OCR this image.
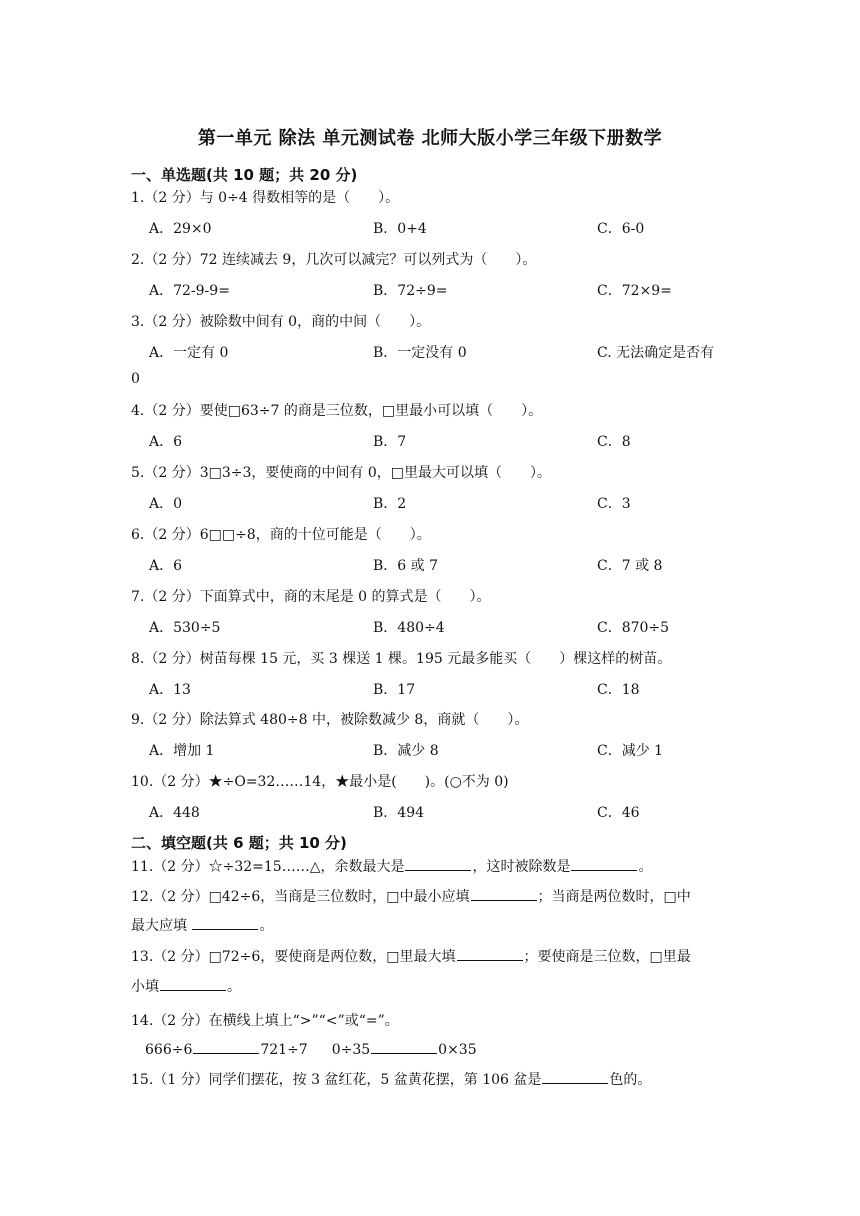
第一单元 除法 单元测试卷 北师大版小学三年级下册数学
一、单选题(共 10 题；共 20 分)
1.（2 分）与 0÷4 得数相等的是（　　）。
A．29×0	B．0+4	C．6-0
2.（2 分）72 连续减去 9，几次可以减完？可以列式为（　　）。
A．72-9-9=	B．72÷9=	C．72×9=
3.（2 分）被除数中间有 0，商的中间（　　）。
A．一定有 0	B．一定没有 0	C. 无法确定是否有
0
4.（2 分）要使□63÷7 的商是三位数，□里最小可以填（　　）。
A．6	B．7	C．8
5.（2 分）3□3÷3，要使商的中间有 0，□里最大可以填（　　）。
A．0	B．2	C．3
6.（2 分）6□□÷8，商的十位可能是（　　）。
A．6	B．6 或 7	C．7 或 8
7.（2 分）下面算式中，商的末尾是 0 的算式是（　　）。
A．530÷5	B．480÷4	C．870÷5
8.（2 分）树苗每棵 15 元，买 3 棵送 1 棵。195 元最多能买（　　）棵这样的树苗。
A．13	B．17	C．18
9.（2 分）除法算式 480÷8 中，被除数减少 8，商就（　　）。
A．增加 1	B．减少 8	C．减少 1
10.（2 分）★÷O=32……14，★最小是(　　)。(○不为 0)
A．448	B．494	C．46
二、填空题(共 6 题；共 10 分)
11.（2 分）☆÷32=15……△，余数最大是	，这时被除数是	。
12.（2 分）□42÷6，当商是三位数时，□中最小应填	；当商是两位数时，□中
最大应填	。
13.（2 分）□72÷6，要使商是两位数，□里最大填	；要使商是三位数，□里最
小填	。
14.（2 分）在横线上填上“>”“<”或“=”。
666÷6	721÷7 0÷35	0×35
15.（1 分）同学们摆花，按 3 盆红花，5 盆黄花摆，第 106 盆是	色的。
